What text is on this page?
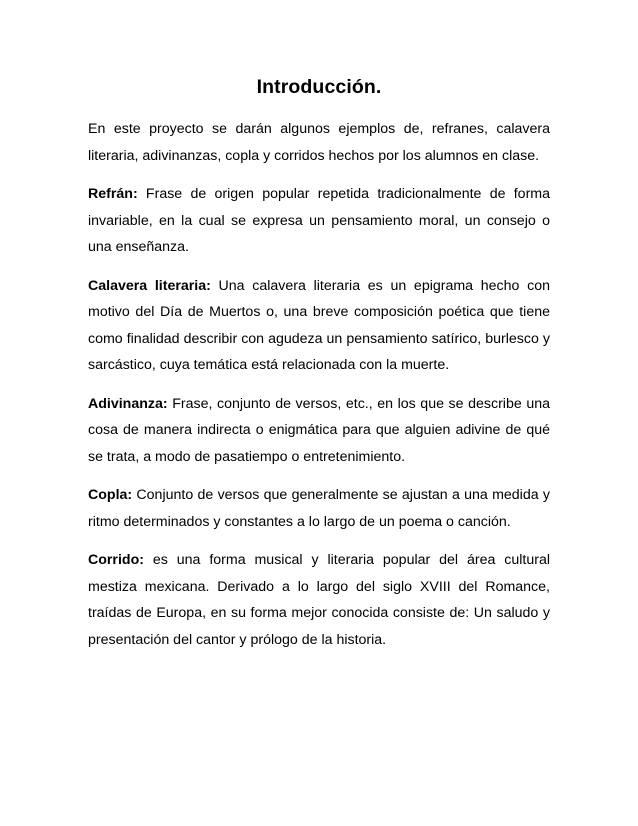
Introducción.

En este proyecto se darán algunos ejemplos de, refranes, calavera literaria, adivinanzas, copla y corridos hechos por los alumnos en clase.

Refrán: Frase de origen popular repetida tradicionalmente de forma invariable, en la cual se expresa un pensamiento moral, un consejo o una enseñanza.

Calavera literaria: Una calavera literaria es un epigrama hecho con motivo del Día de Muertos o, una breve composición poética que tiene como finalidad describir con agudeza un pensamiento satírico, burlesco y sarcástico, cuya temática está relacionada con la muerte.

Adivinanza: Frase, conjunto de versos, etc., en los que se describe una cosa de manera indirecta o enigmática para que alguien adivine de qué se trata, a modo de pasatiempo o entretenimiento.

Copla: Conjunto de versos que generalmente se ajustan a una medida y ritmo determinados y constantes a lo largo de un poema o canción.

Corrido: es una forma musical y literaria popular del área cultural mestiza mexicana. Derivado a lo largo del siglo XVIII del Romance, traídas de Europa, en su forma mejor conocida consiste de: Un saludo y presentación del cantor y prólogo de la historia.
